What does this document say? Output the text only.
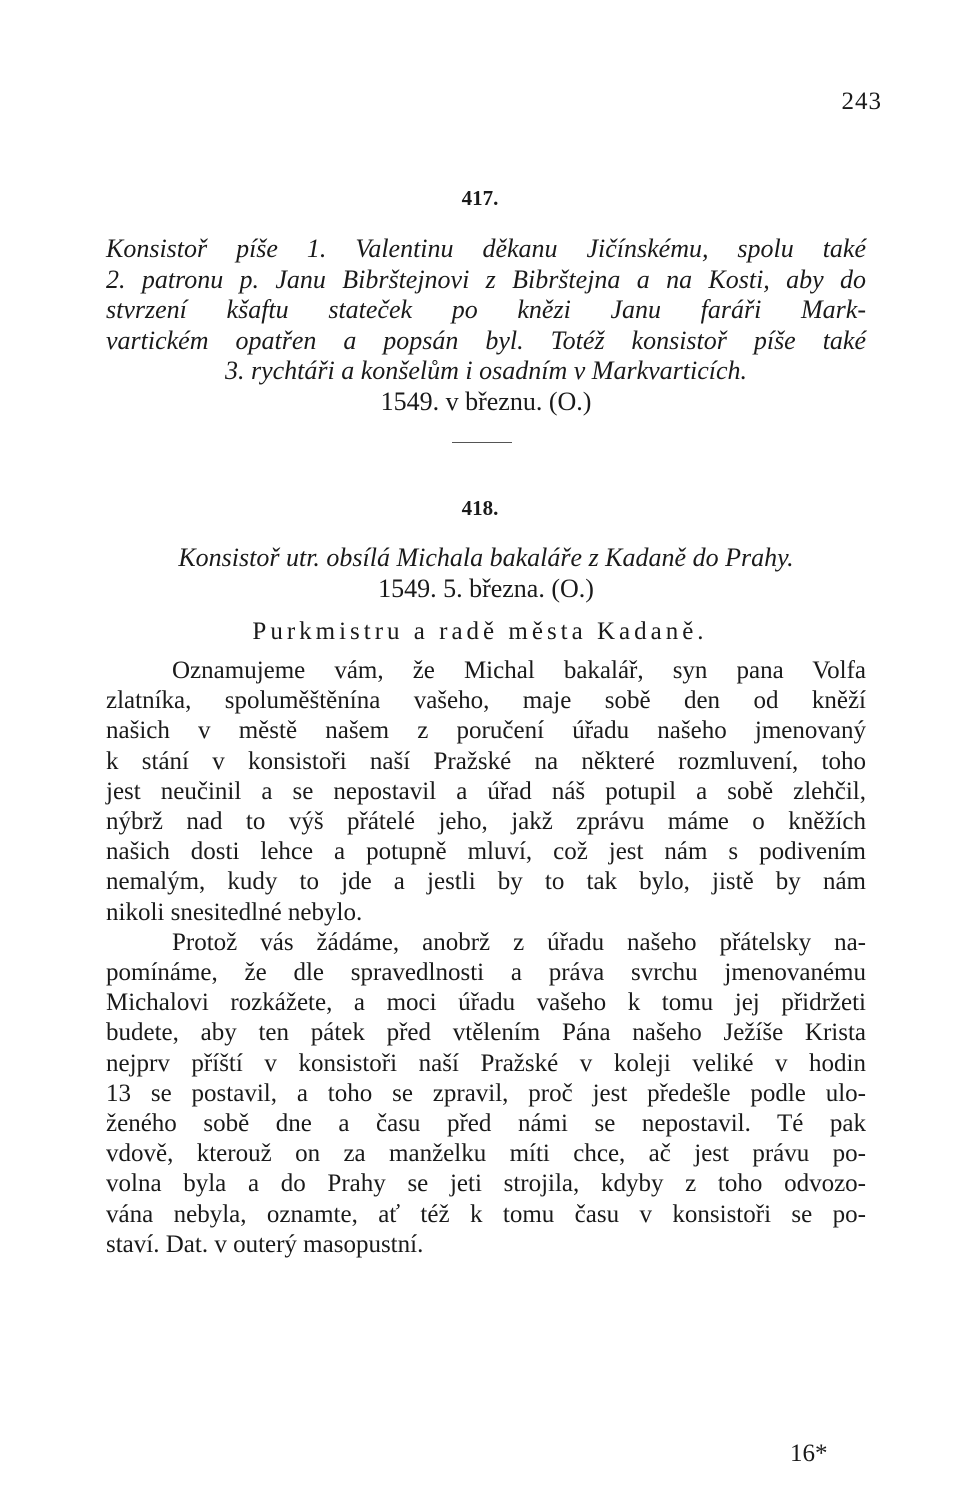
243
417.
Konsistoř píše 1. Valentinu děkanu Jičínskému, spolu také
2. patronu p. Janu Bibrštejnovi z Bibrštejna a na Kosti, aby do
stvrzení kšaftu stateček po knězi Janu faráři Mark-
vartickém opatřen a popsán byl. Totéž konsistoř píše také
3. rychtáři a konšelům i osadním v Markvarticích.
1549. v březnu. (O.)
418.
Konsistoř utr. obsílá Michala bakaláře z Kadaně do Prahy.
1549. 5. března. (O.)
Purkmistru a radě města Kadaně.
Oznamujeme vám, že Michal bakalář, syn pana Volfa
zlatníka, spoluměštěnína vašeho, maje sobě den od kněží
našich v městě našem z poručení úřadu našeho jmenovaný
k stání v konsistoři naší Pražské na některé rozmluvení, toho
jest neučinil a se nepostavil a úřad náš potupil a sobě zlehčil,
nýbrž nad to výš přátelé jeho, jakž zprávu máme o kněžích
našich dosti lehce a potupně mluví, což jest nám s podivením
nemalým, kudy to jde a jestli by to tak bylo, jistě by nám
nikoli snesitedlné nebylo.
Protož vás žádáme, anobrž z úřadu našeho přátelsky na-
pomínáme, že dle spravedlnosti a práva svrchu jmenovanému
Michalovi rozkážete, a moci úřadu vašeho k tomu jej přidržeti
budete, aby ten pátek před vtělením Pána našeho Ježíše Krista
nejprv příští v konsistoři naší Pražské v koleji veliké v hodin
13 se postavil, a toho se zpravil, proč jest předešle podle ulo-
ženého sobě dne a času před námi se nepostavil. Té pak
vdově, kterouž on za manželku míti chce, ač jest právu po-
volna byla a do Prahy se jeti strojila, kdyby z toho odvozo-
vána nebyla, oznamte, ať též k tomu času v konsistoři se po-
staví. Dat. v outerý masopustní.
16*
